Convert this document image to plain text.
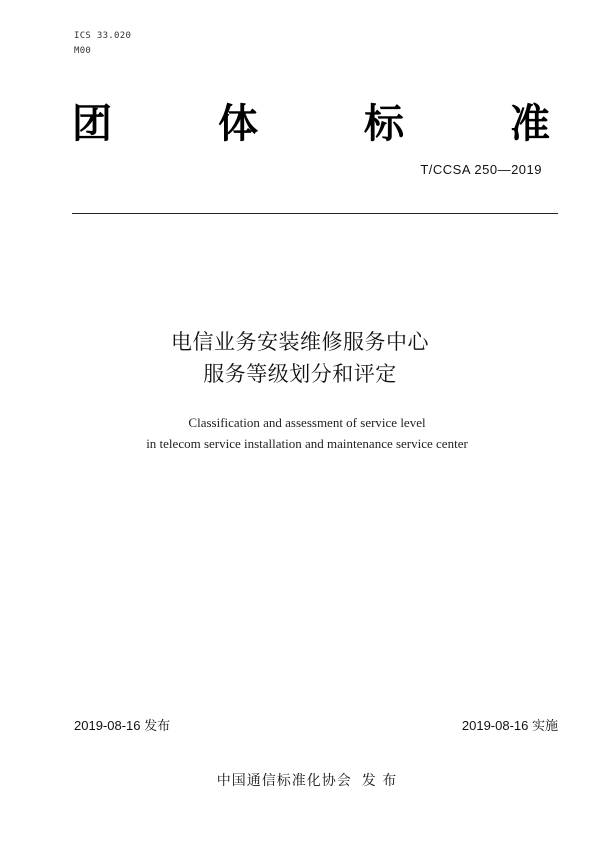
ICS 33.020
M00
团	体	标	准
T/CCSA 250—2019
电信业务安装维修服务中心
服务等级划分和评定
Classification and assessment of service level
in telecom service installation and maintenance service center
2019-08-16 发布	2019-08-16 实施
中国通信标准化协会 发 布
